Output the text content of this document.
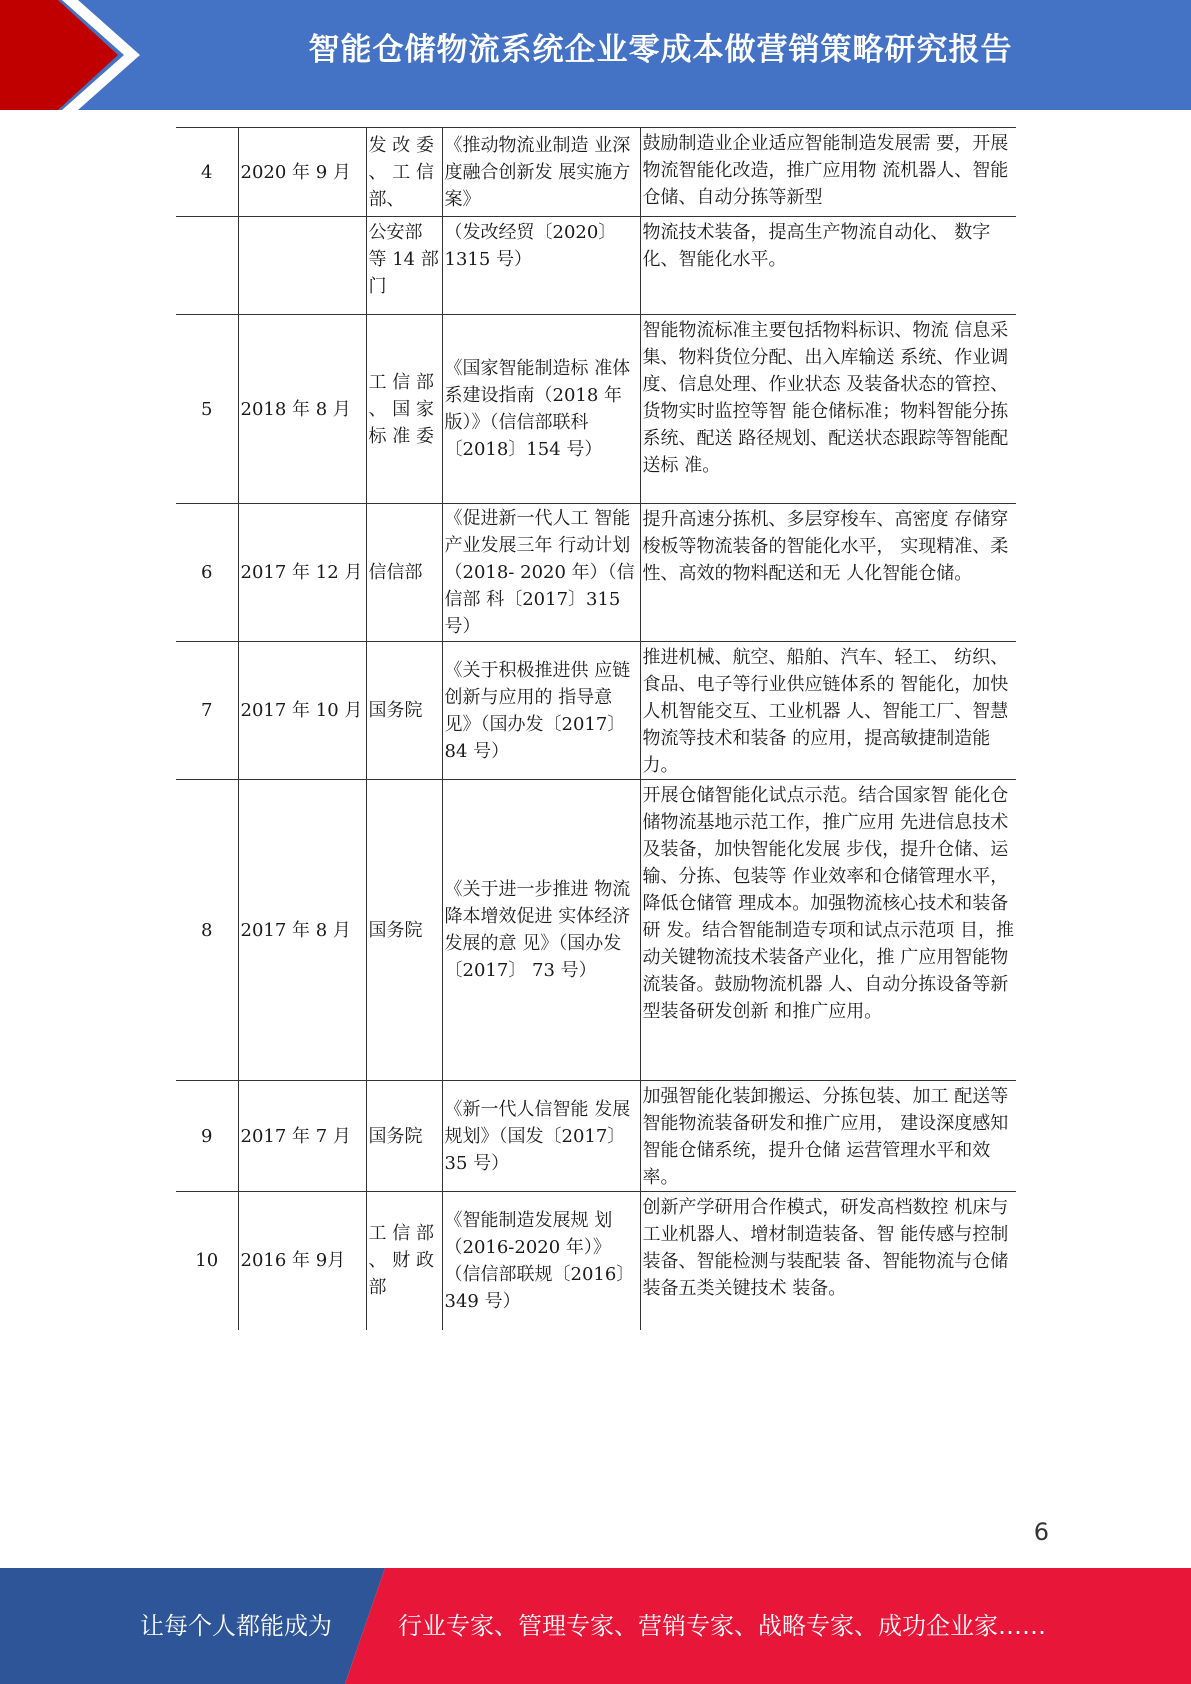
智能仓储物流系统企业零成本做营销策略研究报告
4	2020 年 9 月	发 改 委 、 工 信部、	《推动物流业制造 业深度融合创新发 展实施方案》	鼓励制造业企业适应智能制造发展需 要，开展物流智能化改造，推广应用物 流机器人、智能仓储、自动分拣等新型
		公安部等 14 部门	（发改经贸〔2020〕1315 号）	物流技术装备，提高生产物流自动化、 数字化、智能化水平。
5	2018 年 8 月	工 信 部 、 国 家 标 准 委	《国家智能制造标 准体系建设指南（2018 年版）》（信信部联科〔2018〕154 号）	智能物流标准主要包括物料标识、物流 信息采集、物料货位分配、出入库输送 系统、作业调度、信息处理、作业状态 及装备状态的管控、货物实时监控等智 能仓储标准；物料智能分拣系统、配送 路径规划、配送状态跟踪等智能配送标 准。
6	2017 年 12 月	信信部	《促进新一代人工 智能产业发展三年 行动计划（2018- 2020 年）（信信部 科〔2017〕315 号）	提升高速分拣机、多层穿梭车、高密度 存储穿梭板等物流装备的智能化水平， 实现精准、柔性、高效的物料配送和无 人化智能仓储。
7	2017 年 10 月	国务院	《关于积极推进供 应链创新与应用的 指导意见》（国办发〔2017〕84 号）	推进机械、航空、船舶、汽车、轻工、 纺织、食品、电子等行业供应链体系的 智能化，加快人机智能交互、工业机器 人、智能工厂、智慧物流等技术和装备 的应用，提高敏捷制造能力。
8	2017 年 8 月	国务院	《关于进一步推进 物流降本增效促进 实体经济发展的意 见》（国办发〔2017〕 73 号）	开展仓储智能化试点示范。结合国家智 能化仓储物流基地示范工作，推广应用 先进信息技术及装备，加快智能化发展 步伐，提升仓储、运输、分拣、包装等 作业效率和仓储管理水平，降低仓储管 理成本。加强物流核心技术和装备研 发。结合智能制造专项和试点示范项 目，推动关键物流技术装备产业化，推 广应用智能物流装备。鼓励物流机器 人、自动分拣设备等新型装备研发创新 和推广应用。
9	2017 年 7 月	国务院	《新一代人信智能 发展规划》（国发〔2017〕 35 号）	加强智能化装卸搬运、分拣包装、加工 配送等智能物流装备研发和推广应用， 建设深度感知智能仓储系统，提升仓储 运营管理水平和效率。
10	2016 年 9月	工 信 部 、 财 政部	《智能制造发展规 划 （2016-2020 年）》（信信部联规〔2016〕 349 号）	创新产学研用合作模式，研发高档数控 机床与工业机器人、增材制造装备、智 能传感与控制装备、智能检测与装配装 备、智能物流与仓储装备五类关键技术 装备。
6
让每个人都能成为	行业专家、管理专家、营销专家、战略专家、成功企业家……
